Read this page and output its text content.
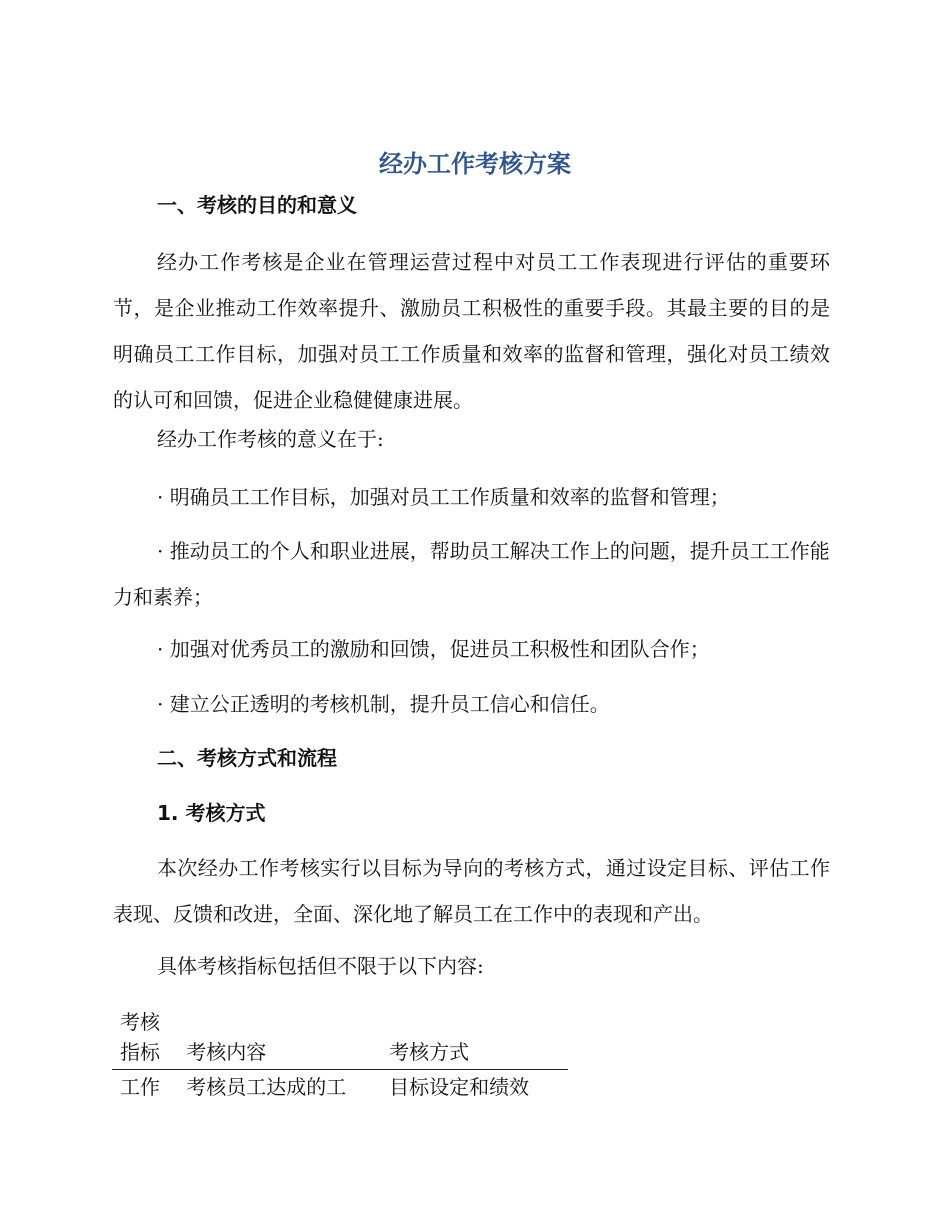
经办工作考核方案
一、考核的目的和意义

经办工作考核是企业在管理运营过程中对员工工作表现进行评估的重要环节，是企业推动工作效率提升、激励员工积极性的重要手段。其最主要的目的是明确员工工作目标，加强对员工工作质量和效率的监督和管理，强化对员工绩效的认可和回馈，促进企业稳健健康进展。

经办工作考核的意义在于:

· 明确员工工作目标，加强对员工工作质量和效率的监督和管理；

· 推动员工的个人和职业进展，帮助员工解决工作上的问题，提升员工工作能力和素养；

· 加强对优秀员工的激励和回馈，促进员工积极性和团队合作；

· 建立公正透明的考核机制，提升员工信心和信任。

二、考核方式和流程
1. 考核方式

本次经办工作考核实行以目标为导向的考核方式，通过设定目标、评估工作表现、反馈和改进，全面、深化地了解员工在工作中的表现和产出。

具体考核指标包括但不限于以下内容:

考核指标	考核内容	考核方式
工作	考核员工达成的工	目标设定和绩效
